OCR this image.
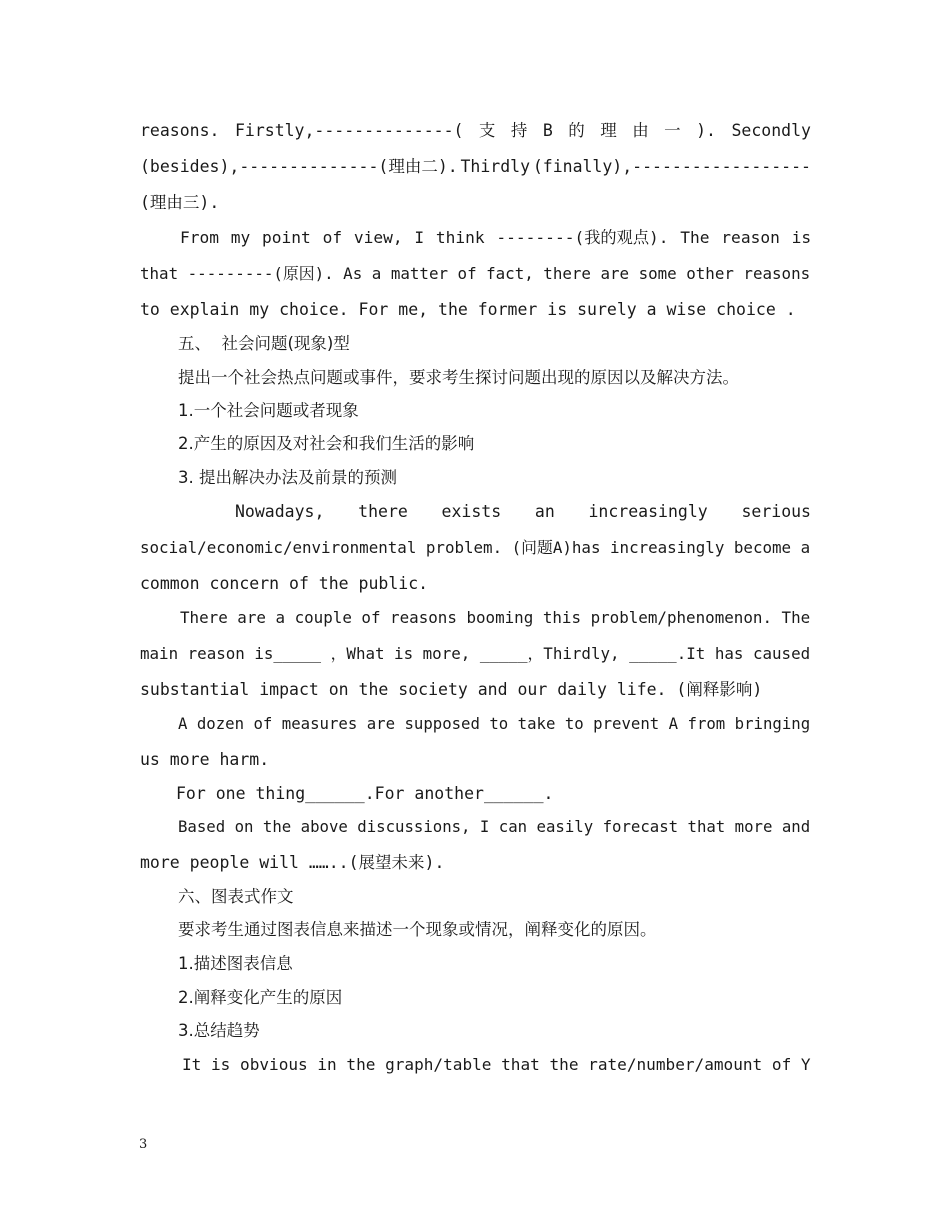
reasons. Firstly,--------------( 支 持 B 的 理 由 一 ). Secondly
(besides),--------------(理由二). Thirdly (finally),------------------
(理由三).
From my point of view, I think --------(我的观点). The reason is
that ---------(原因). As a matter of fact, there are some other reasons
to explain my choice. For me, the former is surely a wise choice .
五、  社会问题(现象)型
提出一个社会热点问题或事件，要求考生探讨问题出现的原因以及解决方法。
1.一个社会问题或者现象
2.产生的原因及对社会和我们生活的影响
3. 提出解决办法及前景的预测
Nowadays, there exists an increasingly serious
social/economic/environmental problem. (问题A)has increasingly become a
common concern of the public.
There are a couple of reasons booming this problem/phenomenon. The
main reason is_____ ，What is more, _____，Thirdly, _____.It has caused
substantial impact on the society and our daily life. (阐释影响)
A dozen of measures are supposed to take to prevent A from bringing
us more harm.
For one thing______.For another______.
Based on the above discussions, I can easily forecast that more and
more people will ……..(展望未来).
六、图表式作文
要求考生通过图表信息来描述一个现象或情况，阐释变化的原因。
1.描述图表信息
2.阐释变化产生的原因
3.总结趋势
It is obvious in the graph/table that the rate/number/amount of Y
3
